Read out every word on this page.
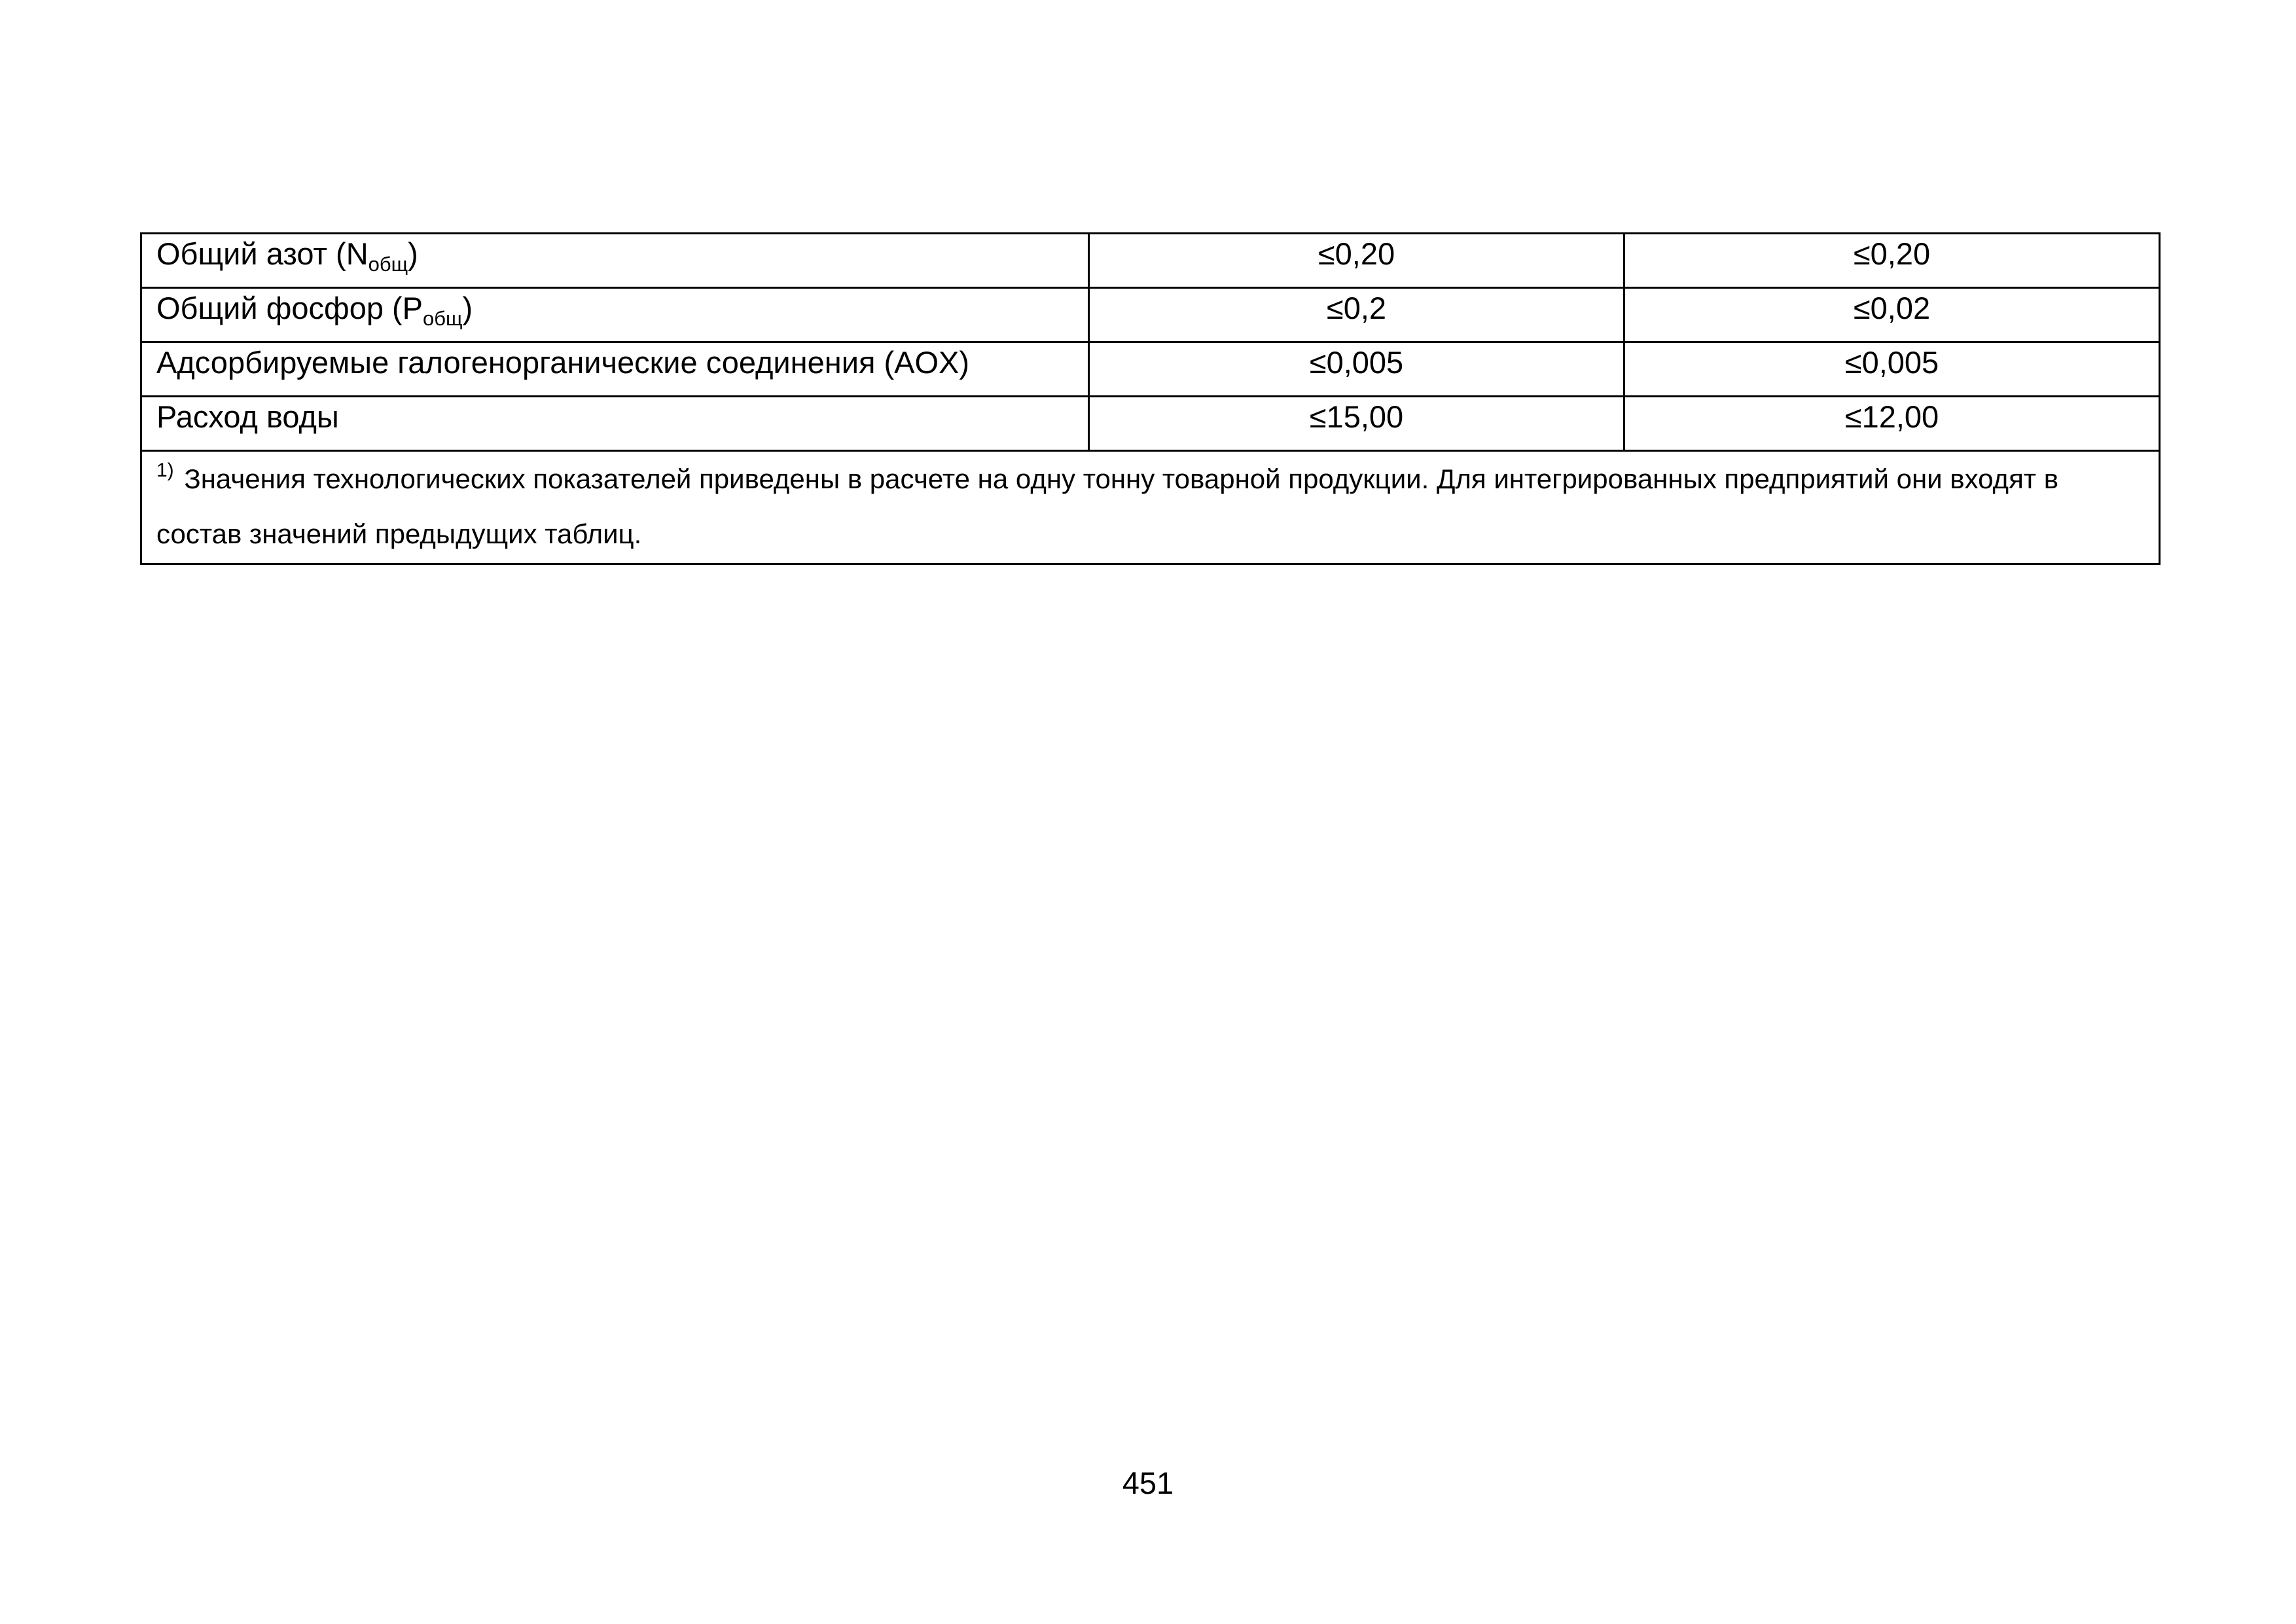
Общий азот $(N_{общ})$	≤0,20	≤0,20
Общий фосфор $(P_{общ})$	≤0,2	≤0,02
Адсорбируемые галогенорганические соединения (AOX)	≤0,005	≤0,005
Расход воды	≤15,00	≤12,00
$^{1)}$ Значения технологических показателей приведены в расчете на одну тонну товарной продукции. Для интегрированных предприятий они входят в состав значений предыдущих таблиц.		
451
